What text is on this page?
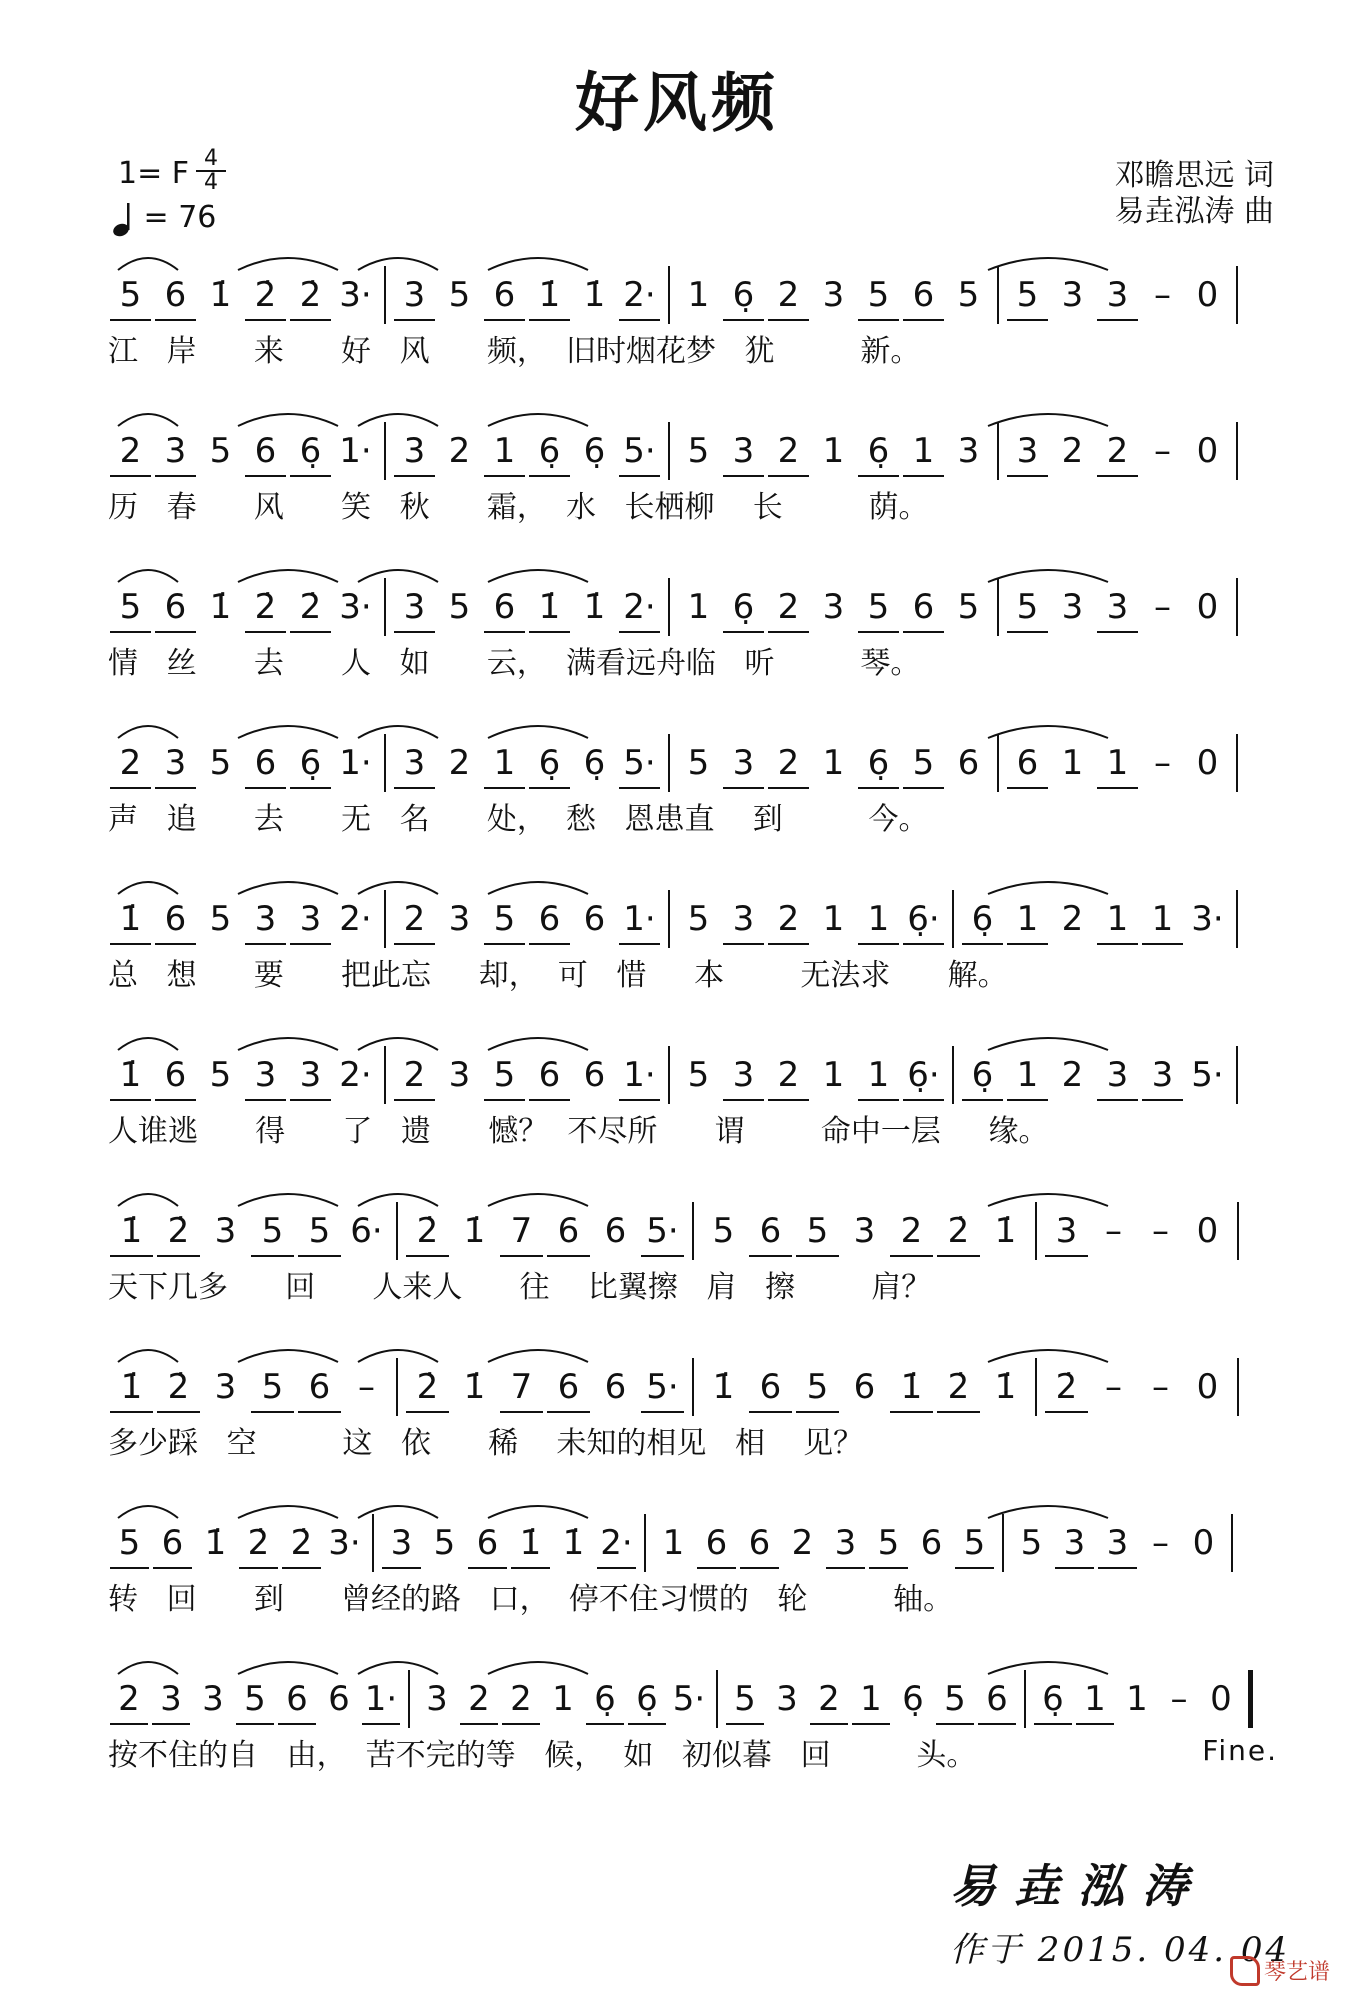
好风频
1= F 4
4
= 76
邓瞻思远 词
易垚泓涛 曲
5 6 1̇ 2̇ 2̇ 3· 3 5 6 1̇ 1̇ 2· 1 6̣ 2 3 5 6 5	5 3 3 – 0
江   岸      来      好   风      频，  旧时烟花梦   犹         新。
2 3 5 6 6̣ 1· 3 2 1 6̣ 6̣ 5· 5 3 2 1 6̣ 1 3	3 2 2 – 0
历   春      风      笑   秋      霜，  水   长栖柳    长         荫。
5 6 1̇ 2̇ 2̇ 3· 3 5 6 1̇ 1̇ 2· 1 6̣ 2 3 5 6 5	5 3 3 – 0
情   丝      去      人   如      云，  满看远舟临   听         琴。
2 3 5 6 6̣ 1· 3 2 1 6̣ 6̣ 5· 5 3 2 1 6̣ 5 6	6 1 1 – 0
声   追      去      无   名      处，  愁   恩患直    到         今。
1̇ 6 5 3 3 2· 2 3 5 6 6 1· 5 3 2 1 1 6̣· 6̣ 1 2 1 1 3·
总   想      要      把此忘     却，  可   惜     本        无法求      解。
1̇ 6 5 3 3 2· 2 3 5 6 6 1· 5 3 2 1 1 6̣· 6̣ 1 2 3 3 5·
人谁逃      得      了   遗      憾？  不尽所      谓        命中一层     缘。
1̇ 2̇ 3 5 5 6· 2̇ 1̇ 7 6 6 5· 5 6 5 3 2 2̇ 1̇	3 – – 0
天下几多      回      人来人      往    比翼擦   肩   擦        肩？
1̇ 2̇ 3 5 6 –	2̇ 1̇ 7 6 6 5· 1̇ 6 5 6 1̇ 2̇ 1̇	2̇ – – 0
多少踩   空         这   依      稀    未知的相见   相    见？
5 6 1̇ 2̇ 2̇ 3· 3 5 6 1̇ 1̇ 2· 1 6 6 2 3 5 6 5	5 3 3 – 0
转   回      到      曾经的路   口，  停不住习惯的   轮         轴。
2 3 3 5 6 6 1· 3 2 2 1 6̣ 6̣ 5· 5 3 2 1 6̣ 5 6 6̣ 1 1 – 0
按不住的自   由，  苦不完的等   候，  如   初似暮   回         头。	Fine.
易垚泓涛
作于 2015. 04. 04
琴艺谱
